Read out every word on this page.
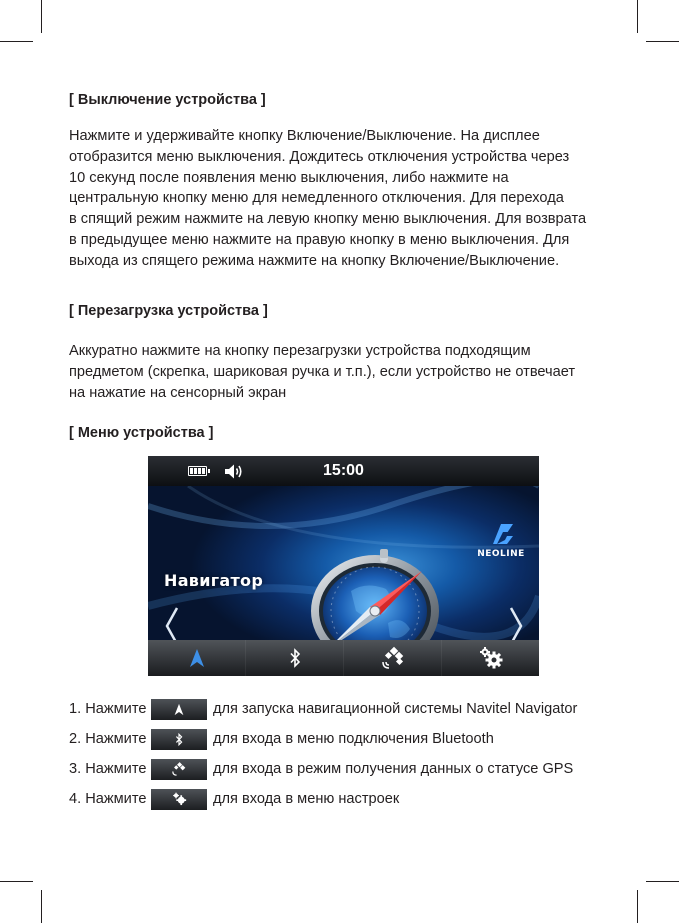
[ Выключение устройства ]
Нажмите и удерживайте кнопку Включение/Выключение. На дисплее
отобразится меню выключения. Дождитесь отключения устройства через
10 секунд после появления меню выключения, либо нажмите на
центральную кнопку меню для немедленного отключения. Для перехода
в спящий режим нажмите на левую кнопку меню выключения. Для возврата
в предыдущее меню нажмите на правую кнопку в меню выключения. Для
выхода из спящего режима нажмите на кнопку Включение/Выключение.
[ Перезагрузка устройства ]
Аккуратно нажмите на кнопку перезагрузки устройства подходящим
предметом (скрепка, шариковая ручка и т.п.), если устройство не отвечает
на нажатие на сенсорный экран
[ Меню устройства ]
15:00
NEOLINE
Навигатор
1. Нажмите	для запуска навигационной системы Navitel Navigator
2. Нажмите	для входа в меню подключения Bluetooth
3. Нажмите	для входа в режим получения данных о статусе GPS
4. Нажмите	для входа в меню настроек
